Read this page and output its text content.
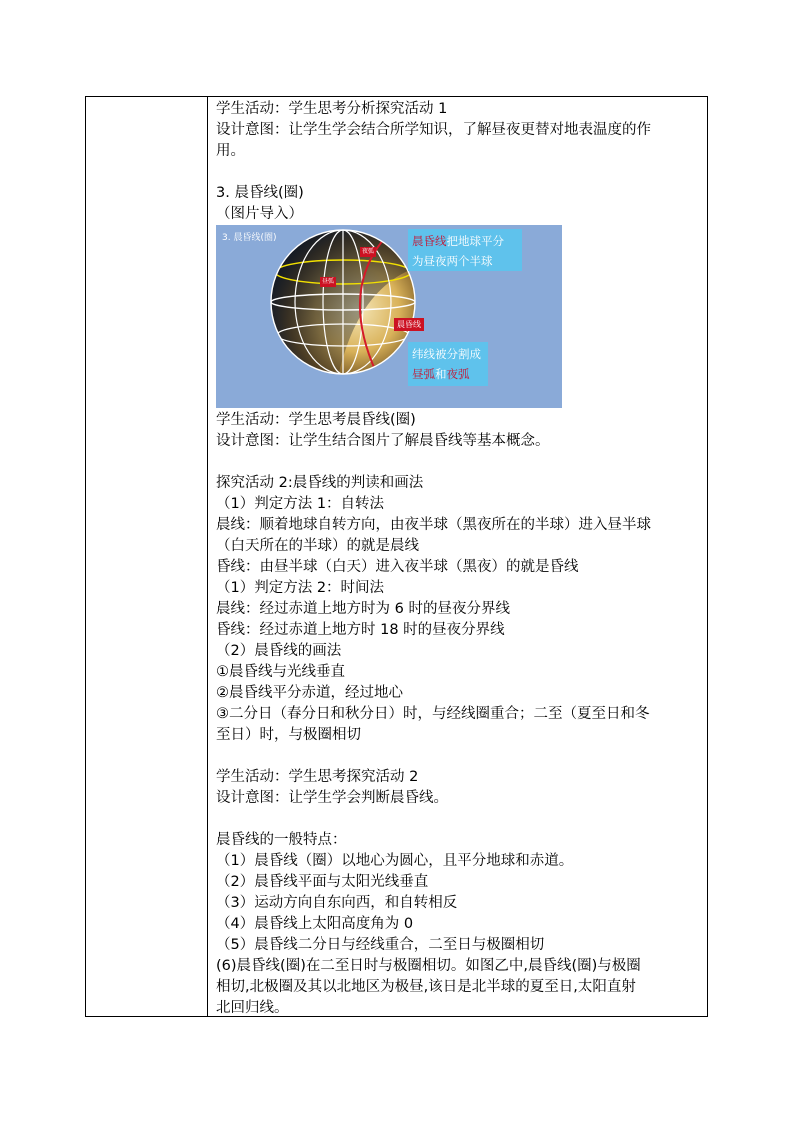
学生活动：学生思考分析探究活动 1
设计意图：让学生学会结合所学知识，了解昼夜更替对地表温度的作
用。
3. 晨昏线(圈)
（图片导入）
3. 晨昏线(圈)
夜弧
昼弧
晨昏线
晨昏线把地球平分
为昼夜两个半球
纬线被分割成
昼弧和夜弧
学生活动：学生思考晨昏线(圈)
设计意图：让学生结合图片了解晨昏线等基本概念。
探究活动 2:晨昏线的判读和画法
（1）判定方法 1：自转法
晨线：顺着地球自转方向，由夜半球（黑夜所在的半球）进入昼半球
（白天所在的半球）的就是晨线
昏线：由昼半球（白天）进入夜半球（黑夜）的就是昏线
（1）判定方法 2：时间法
晨线：经过赤道上地方时为 6 时的昼夜分界线
昏线：经过赤道上地方时 18 时的昼夜分界线
（2）晨昏线的画法
①晨昏线与光线垂直
②晨昏线平分赤道，经过地心
③二分日（春分日和秋分日）时，与经线圈重合；二至（夏至日和冬
至日）时，与极圈相切
学生活动：学生思考探究活动 2
设计意图：让学生学会判断晨昏线。
晨昏线的一般特点：
（1）晨昏线（圈）以地心为圆心，且平分地球和赤道。
（2）晨昏线平面与太阳光线垂直
（3）运动方向自东向西，和自转相反
（4）晨昏线上太阳高度角为 0
（5）晨昏线二分日与经线重合，二至日与极圈相切
(6)晨昏线(圈)在二至日时与极圈相切。如图乙中,晨昏线(圈)与极圈
相切,北极圈及其以北地区为极昼,该日是北半球的夏至日,太阳直射
北回归线。
